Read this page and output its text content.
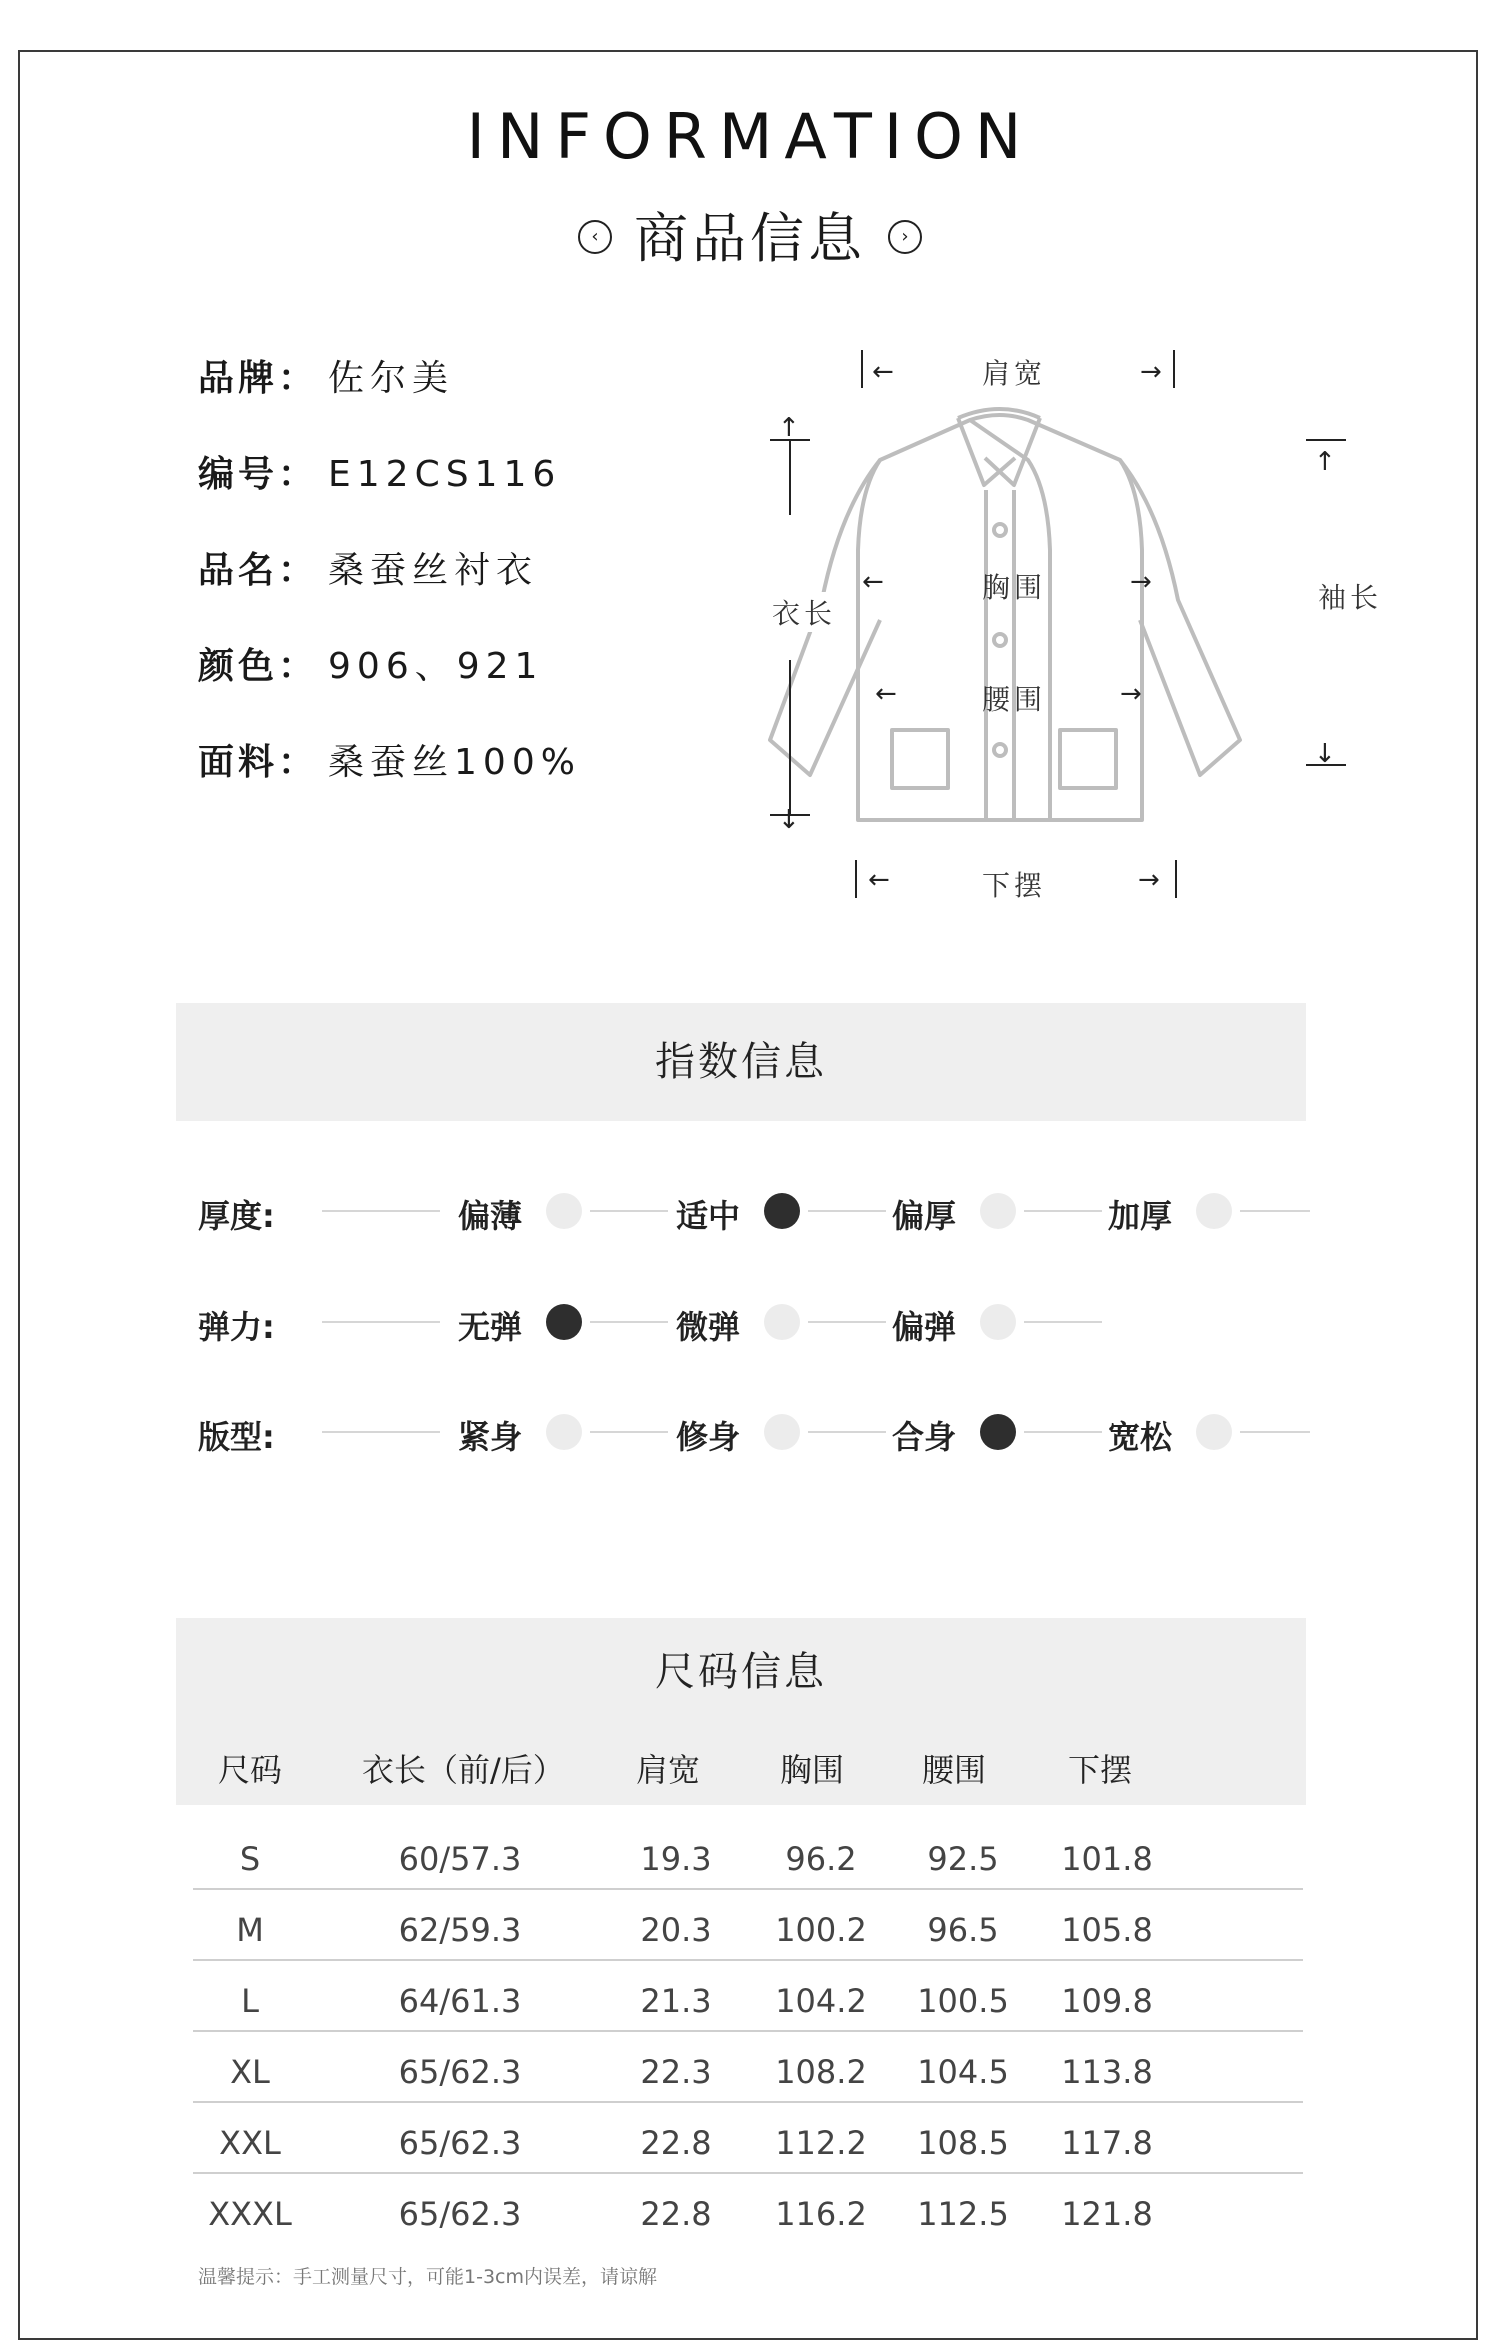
INFORMATION
‹ 商品信息 ›
品牌： 佐尔美
编号： E12CS116
品名： 桑蚕丝衬衣
颜色： 906、921
面料： 桑蚕丝100%
←	→
←	→
←	→
←	→
↑
↓
↑
↓
肩宽
胸围
腰围
下摆
衣长	袖长
指数信息
厚度:	偏薄	适中	偏厚	加厚
弹力:	无弹	微弹	偏弹
版型:	紧身	修身	合身	宽松
尺码信息
尺码 衣长（前/后） 肩宽 胸围 腰围	下摆
S	60/57.3	19.3	96.2	92.5	101.8
M	62/59.3	20.3	100.2	96.5	105.8
L	64/61.3	21.3	104.2 100.5 109.8
XL	65/62.3	22.3	108.2 104.5 113.8
XXL	65/62.3	22.8	112.2 108.5 117.8
XXXL	65/62.3	22.8	116.2 112.5 121.8
温馨提示：手工测量尺寸，可能1-3cm内误差，请谅解
